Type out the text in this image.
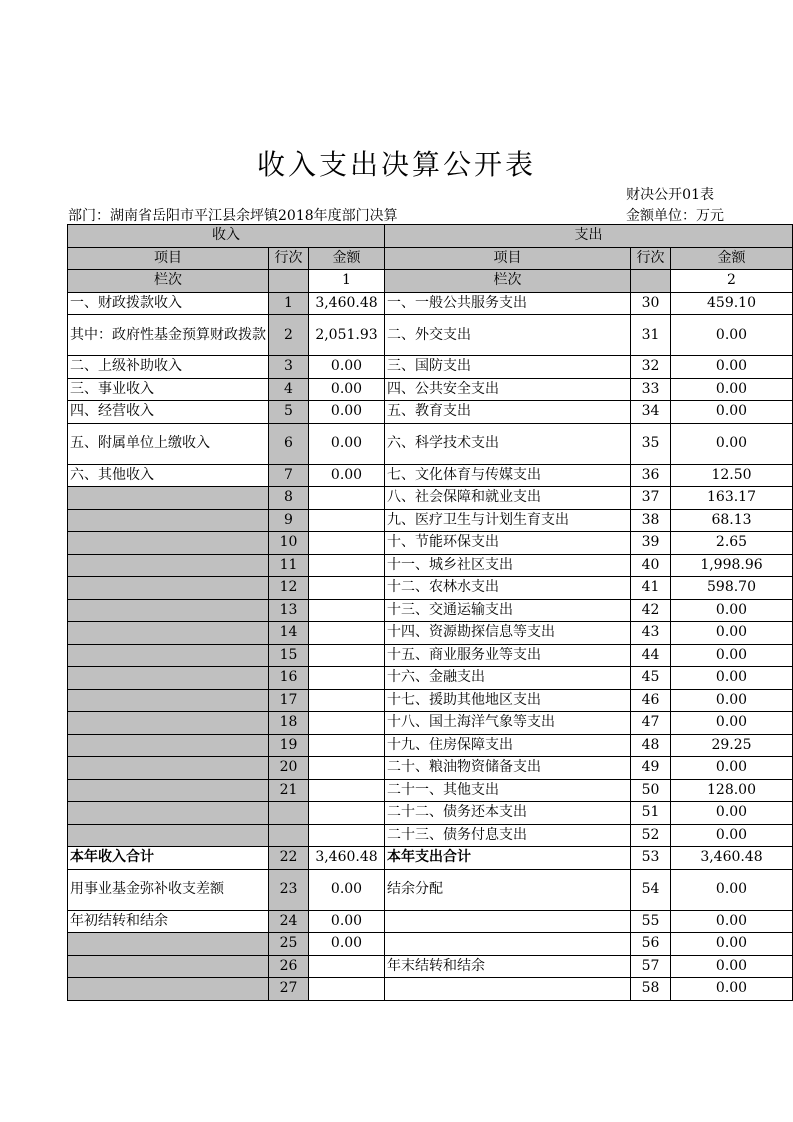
收入支出决算公开表
财决公开01表
部门：湖南省岳阳市平江县余坪镇2018年度部门决算	金额单位：万元
收入			支出		
项目	行次	金额	项目	行次	金额
栏次		1	栏次		2
一、财政拨款收入	1	3,460.48	一、一般公共服务支出	30	459.10
其中：政府性基金预算财政拨款	2	2,051.93	二、外交支出	31	0.00
二、上级补助收入	3	0.00	三、国防支出	32	0.00
三、事业收入	4	0.00	四、公共安全支出	33	0.00
四、经营收入	5	0.00	五、教育支出	34	0.00
五、附属单位上缴收入	6	0.00	六、科学技术支出	35	0.00
六、其他收入	7	0.00	七、文化体育与传媒支出	36	12.50
	8		八、社会保障和就业支出	37	163.17
	9		九、医疗卫生与计划生育支出	38	68.13
	10		十、节能环保支出	39	2.65
	11		十一、城乡社区支出	40	1,998.96
	12		十二、农林水支出	41	598.70
	13		十三、交通运输支出	42	0.00
	14		十四、资源勘探信息等支出	43	0.00
	15		十五、商业服务业等支出	44	0.00
	16		十六、金融支出	45	0.00
	17		十七、援助其他地区支出	46	0.00
	18		十八、国土海洋气象等支出	47	0.00
	19		十九、住房保障支出	48	29.25
	20		二十、粮油物资储备支出	49	0.00
	21		二十一、其他支出	50	128.00
			二十二、债务还本支出	51	0.00
			二十三、债务付息支出	52	0.00
本年收入合计	22	3,460.48	本年支出合计	53	3,460.48
用事业基金弥补收支差额	23	0.00	结余分配	54	0.00
年初结转和结余	24	0.00		55	0.00
	25	0.00		56	0.00
	26		年末结转和结余	57	0.00
	27			58	0.00
